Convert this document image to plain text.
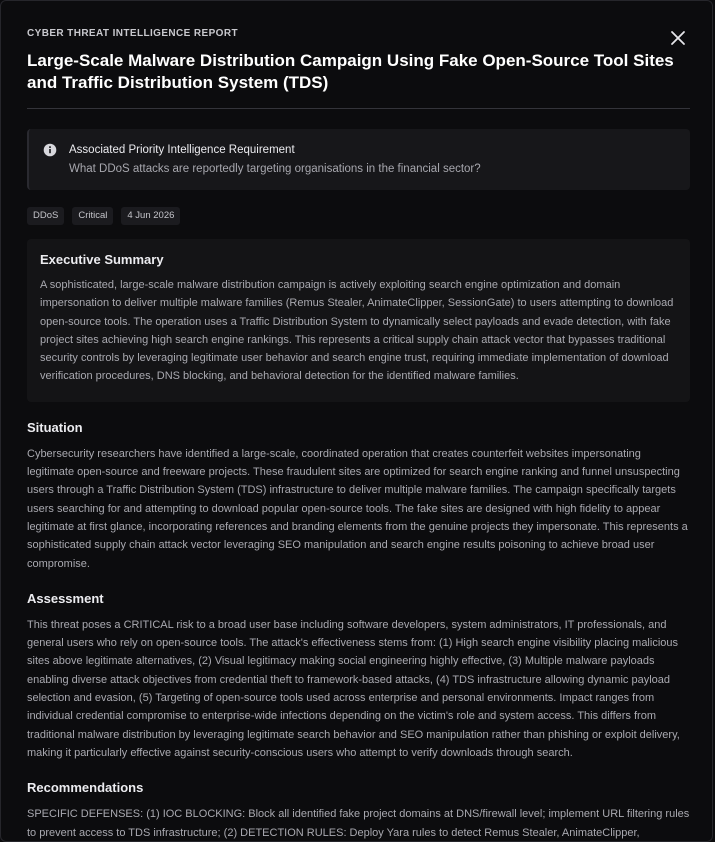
CYBER THREAT INTELLIGENCE REPORT
Large-Scale Malware Distribution Campaign Using Fake Open-Source Tool Sites and Traffic Distribution System (TDS)
Associated Priority Intelligence Requirement
What DDoS attacks are reportedly targeting organisations in the financial sector?
DDoS	Critical	4 Jun 2026
Executive Summary

A sophisticated, large-scale malware distribution campaign is actively exploiting search engine optimization and domain impersonation to deliver multiple malware families (Remus Stealer, AnimateClipper, SessionGate) to users attempting to download open-source tools. The operation uses a Traffic Distribution System to dynamically select payloads and evade detection, with fake project sites achieving high search engine rankings. This represents a critical supply chain attack vector that bypasses traditional security controls by leveraging legitimate user behavior and search engine trust, requiring immediate implementation of download verification procedures, DNS blocking, and behavioral detection for the identified malware families.

Situation

Cybersecurity researchers have identified a large-scale, coordinated operation that creates counterfeit websites impersonating legitimate open-source and freeware projects. These fraudulent sites are optimized for search engine ranking and funnel unsuspecting users through a Traffic Distribution System (TDS) infrastructure to deliver multiple malware families. The campaign specifically targets users searching for and attempting to download popular open-source tools. The fake sites are designed with high fidelity to appear legitimate at first glance, incorporating references and branding elements from the genuine projects they impersonate. This represents a sophisticated supply chain attack vector leveraging SEO manipulation and search engine results poisoning to achieve broad user compromise.

Assessment

This threat poses a CRITICAL risk to a broad user base including software developers, system administrators, IT professionals, and general users who rely on open-source tools. The attack's effectiveness stems from: (1) High search engine visibility placing malicious sites above legitimate alternatives, (2) Visual legitimacy making social engineering highly effective, (3) Multiple malware payloads enabling diverse attack objectives from credential theft to framework-based attacks, (4) TDS infrastructure allowing dynamic payload selection and evasion, (5) Targeting of open-source tools used across enterprise and personal environments. Impact ranges from individual credential compromise to enterprise-wide infections depending on the victim's role and system access. This differs from traditional malware distribution by leveraging legitimate search behavior and SEO manipulation rather than phishing or exploit delivery, making it particularly effective against security-conscious users who attempt to verify downloads through search.

Recommendations

SPECIFIC DEFENSES: (1) IOC BLOCKING: Block all identified fake project domains at DNS/firewall level; implement URL filtering rules to prevent access to TDS infrastructure; (2) DETECTION RULES: Deploy Yara rules to detect Remus Stealer, AnimateClipper,
